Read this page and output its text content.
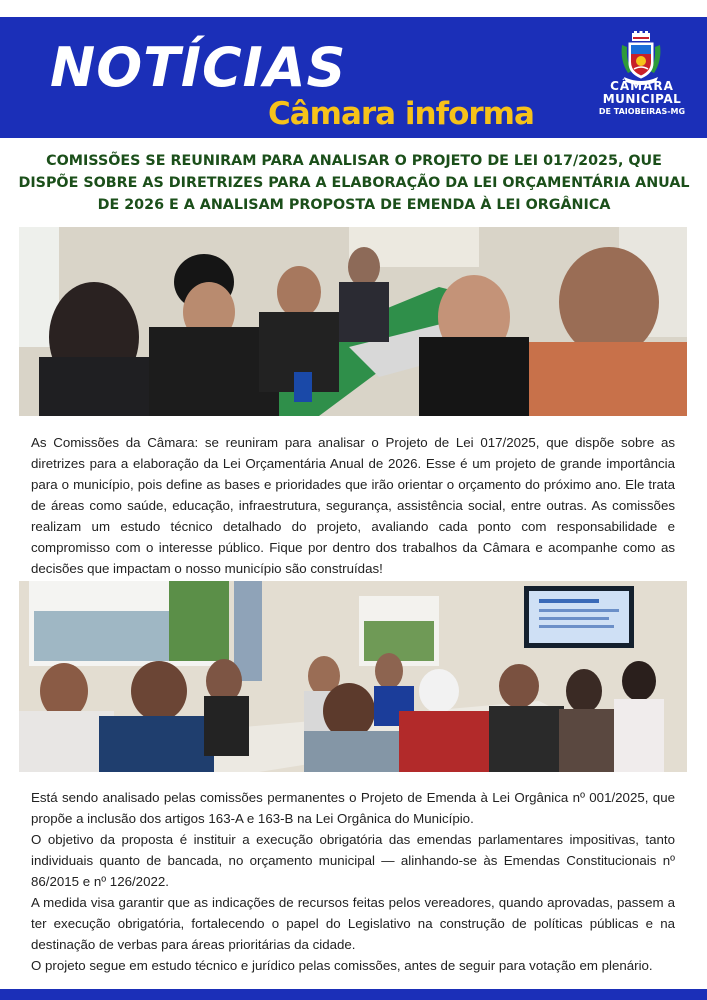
NOTÍCIAS
Câmara informa
CÂMARA
MUNICIPAL
DE TAIOBEIRAS-MG
COMISSÕES SE REUNIRAM PARA ANALISAR O PROJETO DE LEI 017/2025, QUE DISPÕE SOBRE AS DIRETRIZES PARA A ELABORAÇÃO DA LEI ORÇAMENTÁRIA ANUAL DE 2026 E A ANALISAM PROPOSTA DE EMENDA À LEI ORGÂNICA

As Comissões da Câmara: se reuniram para analisar o Projeto de Lei 017/2025, que dispõe sobre as diretrizes para a elaboração da Lei Orçamentária Anual de 2026. Esse é um projeto de grande importância para o município, pois define as bases e prioridades que irão orientar o orçamento do próximo ano. Ele trata de áreas como saúde, educação, infraestrutura, segurança, assistência social, entre outras. As comissões realizam um estudo técnico detalhado do projeto, avaliando cada ponto com responsabilidade e compromisso com o interesse público. Fique por dentro dos trabalhos da Câmara e acompanhe como as decisões que impactam o nosso município são construídas!

Está sendo analisado pelas comissões permanentes o Projeto de Emenda à Lei Orgânica nº 001/2025, que propõe a inclusão dos artigos 163-A e 163-B na Lei Orgânica do Município.

O objetivo da proposta é instituir a execução obrigatória das emendas parlamentares impositivas, tanto individuais quanto de bancada, no orçamento municipal — alinhando-se às Emendas Constitucionais nº 86/2015 e nº 126/2022.

A medida visa garantir que as indicações de recursos feitas pelos vereadores, quando aprovadas, passem a ter execução obrigatória, fortalecendo o papel do Legislativo na construção de políticas públicas e na destinação de verbas para áreas prioritárias da cidade.

O projeto segue em estudo técnico e jurídico pelas comissões, antes de seguir para votação em plenário.
